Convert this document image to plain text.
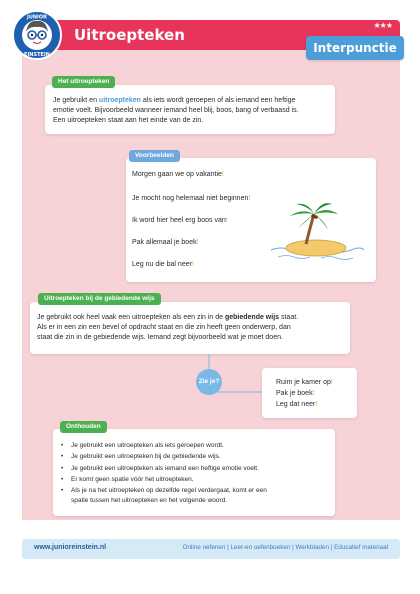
Uitroepteken
★★★
Interpunctie
JUNIOR
EINSTEIN
Je gebruikt en uitroepteken als iets wordt geroepen of als iemand een heftige
emotie voelt. Bijvoorbeeld wanneer iemand heel blij, boos, bang of verbaasd is.
Een uitroepteken staat aan het einde van de zin.
Het uitroepteken
Morgen gaan we op vakantie!
Je mocht nog helemaal niet beginnen!
Ik word hier heel erg boos van!
Pak allemaal je boek!
Leg nu die bal neer!
Voorbeelden
Je gebruikt ook heel vaak een uitroepteken als een zin in de gebiedende wijs staat.
Als er in een zin een bevel of opdracht staat en die zin heeft geen onderwerp, dan
staat die zin in de gebiedende wijs. Iemand zegt bijvoorbeeld wat je moet doen.
Uitroepteken bij de gebiedende wijs
Zie je?	Ruim je kamer op!
Pak je boek!
Leg dat neer!
• Je gebruikt een uitroepteken als iets geroepen wordt.
• Je gebruikt een uitroepteken bij de gebiedende wijs.
• Je gebruikt een uitroepteken als iemand een heftige emotie voelt.
• Er komt geen spatie vóór het uitroepteken.
• Als je na het uitroepteken op dezelfde regel verdergaat, komt er een
spatie tussen het uitroepteken en het volgende woord.
Onthouden
www.junioreinstein.nl	Online oefenen | Leer-en oefenboeken | Werkbladen | Educatief materiaal
